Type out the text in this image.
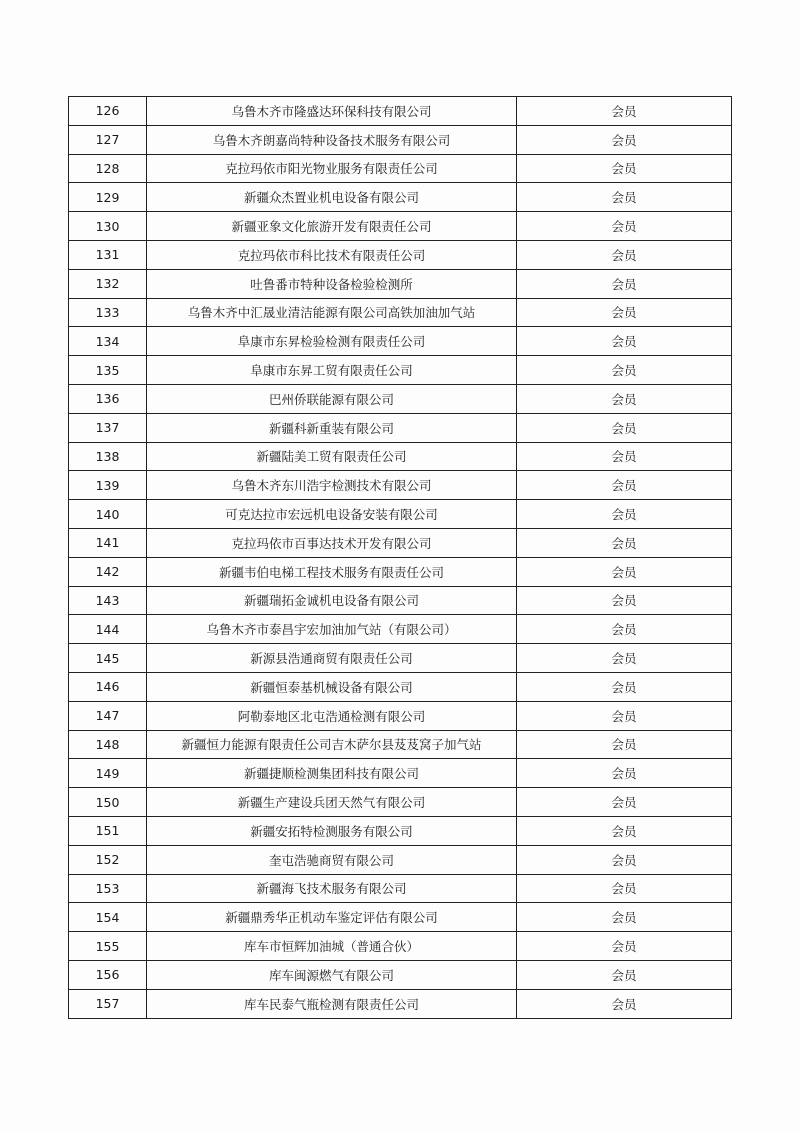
126	乌鲁木齐市隆盛达环保科技有限公司	会员
127	乌鲁木齐朗嘉尚特种设备技术服务有限公司	会员
128	克拉玛依市阳光物业服务有限责任公司	会员
129	新疆众杰置业机电设备有限公司	会员
130	新疆亚象文化旅游开发有限责任公司	会员
131	克拉玛依市科比技术有限责任公司	会员
132	吐鲁番市特种设备检验检测所	会员
133	乌鲁木齐中汇晟业清洁能源有限公司高铁加油加气站	会员
134	阜康市东昇检验检测有限责任公司	会员
135	阜康市东昇工贸有限责任公司	会员
136	巴州侨联能源有限公司	会员
137	新疆科新重装有限公司	会员
138	新疆陆美工贸有限责任公司	会员
139	乌鲁木齐东川浩宇检测技术有限公司	会员
140	可克达拉市宏远机电设备安装有限公司	会员
141	克拉玛依市百事达技术开发有限公司	会员
142	新疆韦伯电梯工程技术服务有限责任公司	会员
143	新疆瑞拓金诚机电设备有限公司	会员
144	乌鲁木齐市泰昌宇宏加油加气站（有限公司）	会员
145	新源县浩通商贸有限责任公司	会员
146	新疆恒泰基机械设备有限公司	会员
147	阿勒泰地区北屯浩通检测有限公司	会员
148	新疆恒力能源有限责任公司吉木萨尔县芨芨窝子加气站	会员
149	新疆捷顺检测集团科技有限公司	会员
150	新疆生产建设兵团天然气有限公司	会员
151	新疆安拓特检测服务有限公司	会员
152	奎屯浩驰商贸有限公司	会员
153	新疆海飞技术服务有限公司	会员
154	新疆鼎秀华正机动车鉴定评估有限公司	会员
155	库车市恒辉加油城（普通合伙）	会员
156	库车闽源燃气有限公司	会员
157	库车民泰气瓶检测有限责任公司	会员
